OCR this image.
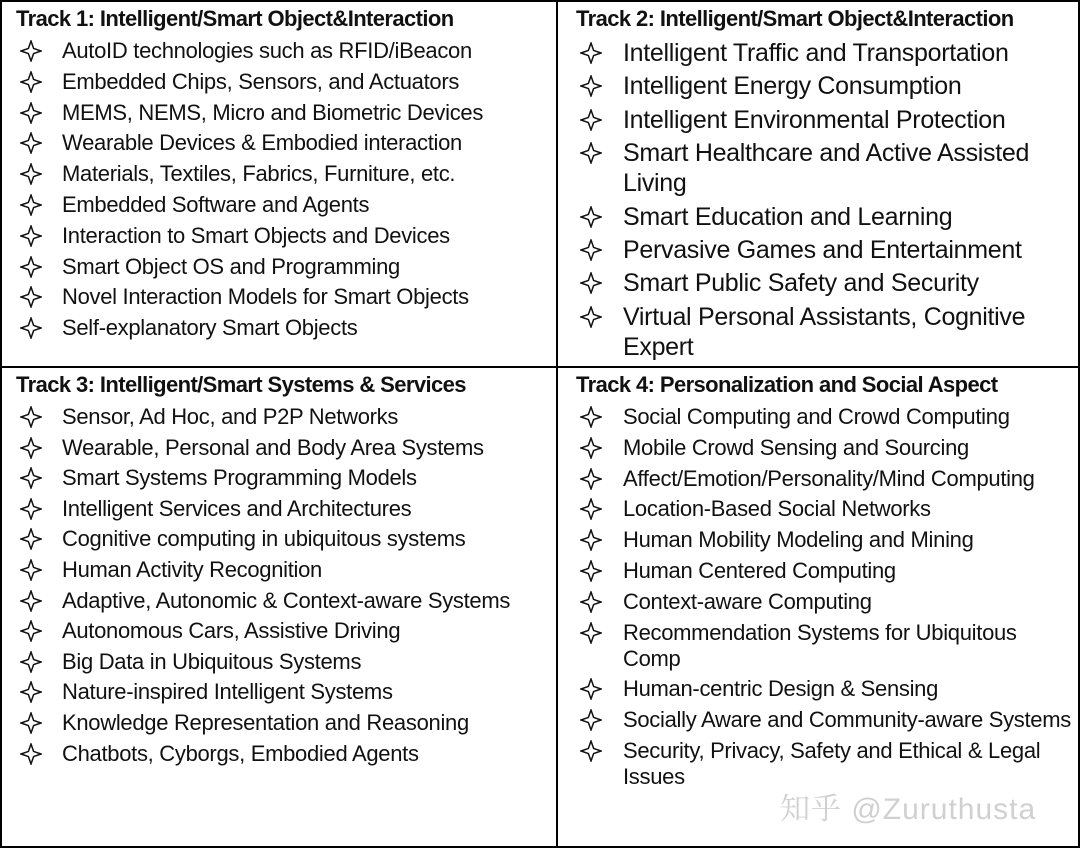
Track 1: Intelligent/Smart Object&Interaction
AutoID technologies such as RFID/iBeacon
Embedded Chips, Sensors, and Actuators
MEMS, NEMS, Micro and Biometric Devices
Wearable Devices & Embodied interaction
Materials, Textiles, Fabrics, Furniture, etc.
Embedded Software and Agents
Interaction to Smart Objects and Devices
Smart Object OS and Programming
Novel Interaction Models for Smart Objects
Self-explanatory Smart Objects
Track 2: Intelligent/Smart Object&Interaction
Intelligent Traffic and Transportation
Intelligent Energy Consumption
Intelligent Environmental Protection
Smart Healthcare and Active Assisted Living
Smart Education and Learning
Pervasive Games and Entertainment
Smart Public Safety and Security
Virtual Personal Assistants, Cognitive Expert
Track 3: Intelligent/Smart Systems & Services
Sensor, Ad Hoc, and P2P Networks
Wearable, Personal and Body Area Systems
Smart Systems Programming Models
Intelligent Services and Architectures
Cognitive computing in ubiquitous systems
Human Activity Recognition
Adaptive, Autonomic & Context-aware Systems
Autonomous Cars, Assistive Driving
Big Data in Ubiquitous Systems
Nature-inspired Intelligent Systems
Knowledge Representation and Reasoning
Chatbots, Cyborgs, Embodied Agents
Track 4: Personalization and Social Aspect
Social Computing and Crowd Computing
Mobile Crowd Sensing and Sourcing
Affect/Emotion/Personality/Mind Computing
Location-Based Social Networks
Human Mobility Modeling and Mining
Human Centered Computing
Context-aware Computing
Recommendation Systems for Ubiquitous Comp
Human-centric Design & Sensing
Socially Aware and Community-aware Systems
Security, Privacy, Safety and Ethical & Legal Issues
知乎 @Zuruthusta
